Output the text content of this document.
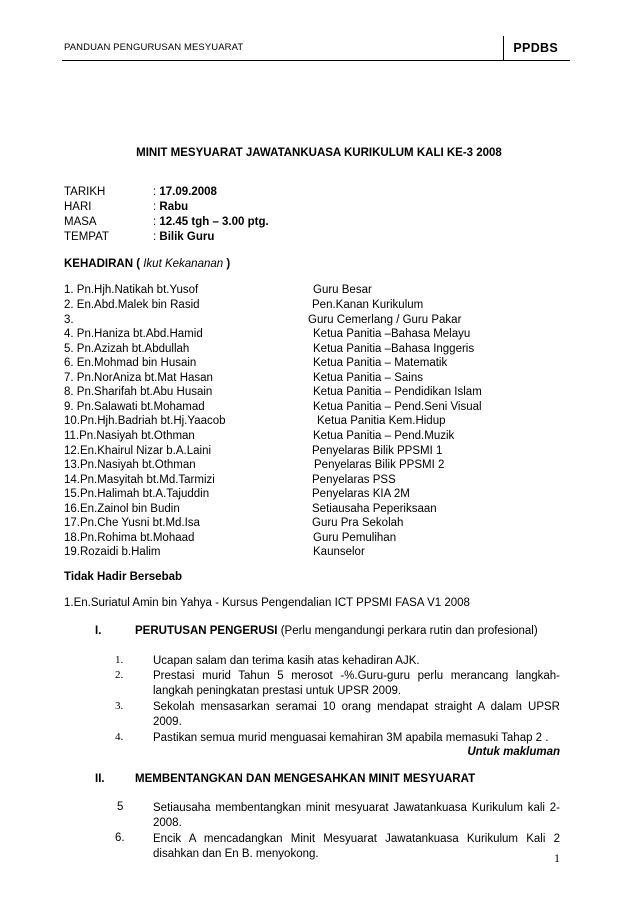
PANDUAN PENGURUSAN MESYUARAT	PPDBS
MINIT MESYUARAT JAWATANKUASA KURIKULUM KALI KE-3 2008
TARIKH	: 17.09.2008
HARI	: Rabu
MASA	: 12.45 tgh – 3.00 ptg.
TEMPAT	: Bilik Guru
KEHADIRAN ( Ikut Kekananan )
1. Pn.Hjh.Natikah bt.Yusof	Guru Besar
2. En.Abd.Malek bin Rasid	Pen.Kanan Kurikulum
3.	Guru Cemerlang / Guru Pakar
4. Pn.Haniza bt.Abd.Hamid	Ketua Panitia –Bahasa Melayu
5. Pn.Azizah bt.Abdullah	Ketua Panitia –Bahasa Inggeris
6. En.Mohmad bin Husain	Ketua Panitia – Matematik
7. Pn.NorAniza bt.Mat Hasan	Ketua Panitia – Sains
8. Pn.Sharifah bt.Abu Husain	Ketua Panitia – Pendidikan Islam
9. Pn.Salawati bt.Mohamad	Ketua Panitia – Pend.Seni Visual
10.Pn.Hjh.Badriah bt.Hj.Yaacob	Ketua Panitia Kem.Hidup
11.Pn.Nasiyah bt.Othman	Ketua Panitia – Pend.Muzik
12.En.Khairul Nizar b.A.Laini	Penyelaras Bilik PPSMI 1
13.Pn.Nasiyah bt.Othman	Penyelaras Bilik PPSMI 2
14.Pn.Masyitah bt.Md.Tarmizi	Penyelaras PSS
15.Pn.Halimah bt.A.Tajuddin	Penyelaras KIA 2M
16.En.Zainol bin Budin	Setiausaha Peperiksaan
17.Pn.Che Yusni bt.Md.Isa	Guru Pra Sekolah
18.Pn.Rohima bt.Mohaad	Guru Pemulihan
19.Rozaidi b.Halim	Kaunselor
Tidak Hadir Bersebab
1.En.Suriatul Amin bin Yahya - Kursus Pengendalian ICT PPSMI FASA V1 2008
I.	PERUTUSAN PENGERUSI (Perlu mengandungi perkara rutin dan profesional)
1.	Ucapan salam dan terima kasih atas kehadiran AJK.
2.	Prestasi murid Tahun 5 merosot -%.Guru-guru perlu merancang langkah-langkah peningkatan prestasi untuk UPSR 2009.
3.	Sekolah mensasarkan seramai 10 orang mendapat straight A dalam UPSR 2009.
4.	Pastikan semua murid menguasai kemahiran 3M apabila memasuki Tahap 2 .
Untuk makluman
II.	MEMBENTANGKAN DAN MENGESAHKAN MINIT MESYUARAT
5	Setiausaha membentangkan minit mesyuarat Jawatankuasa Kurikulum kali 2-2008.
6. Encik A mencadangkan Minit Mesyuarat Jawatankuasa Kurikulum Kali 2 disahkan dan En B. menyokong.	1
